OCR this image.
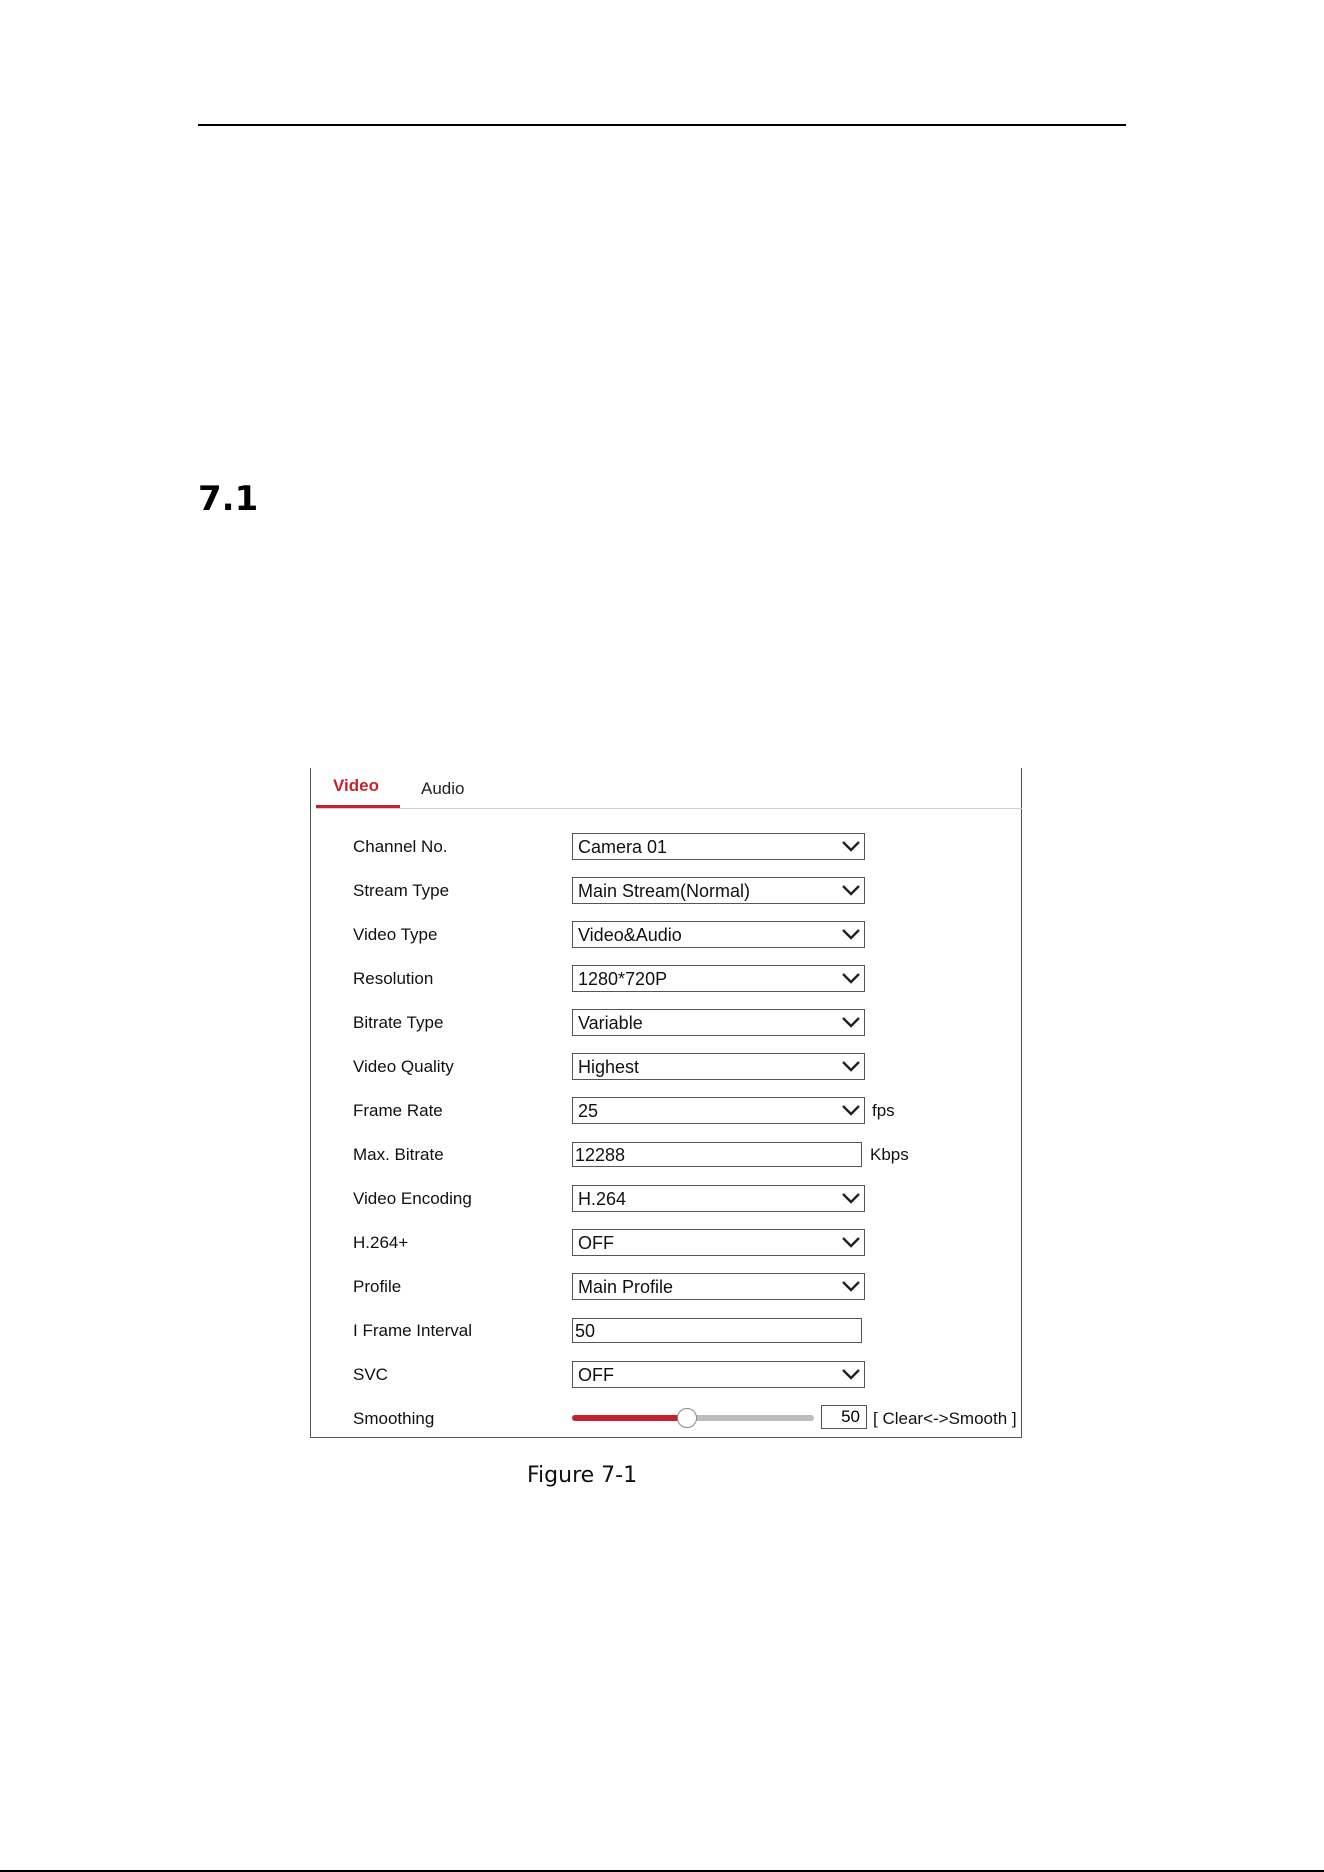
7.1
Video Audio
Channel No.	Camera 01
Stream Type	Main Stream(Normal)
Video Type	Video&Audio
Resolution	1280*720P
Bitrate Type	Variable
Video Quality	Highest
Frame Rate	25	fps
Max. Bitrate	12288	Kbps
Video Encoding	H.264
H.264+	OFF
Profile	Main Profile
I Frame Interval	50
SVC	OFF
Smoothing	50 [ Clear<->Smooth ]
Figure 7-1
